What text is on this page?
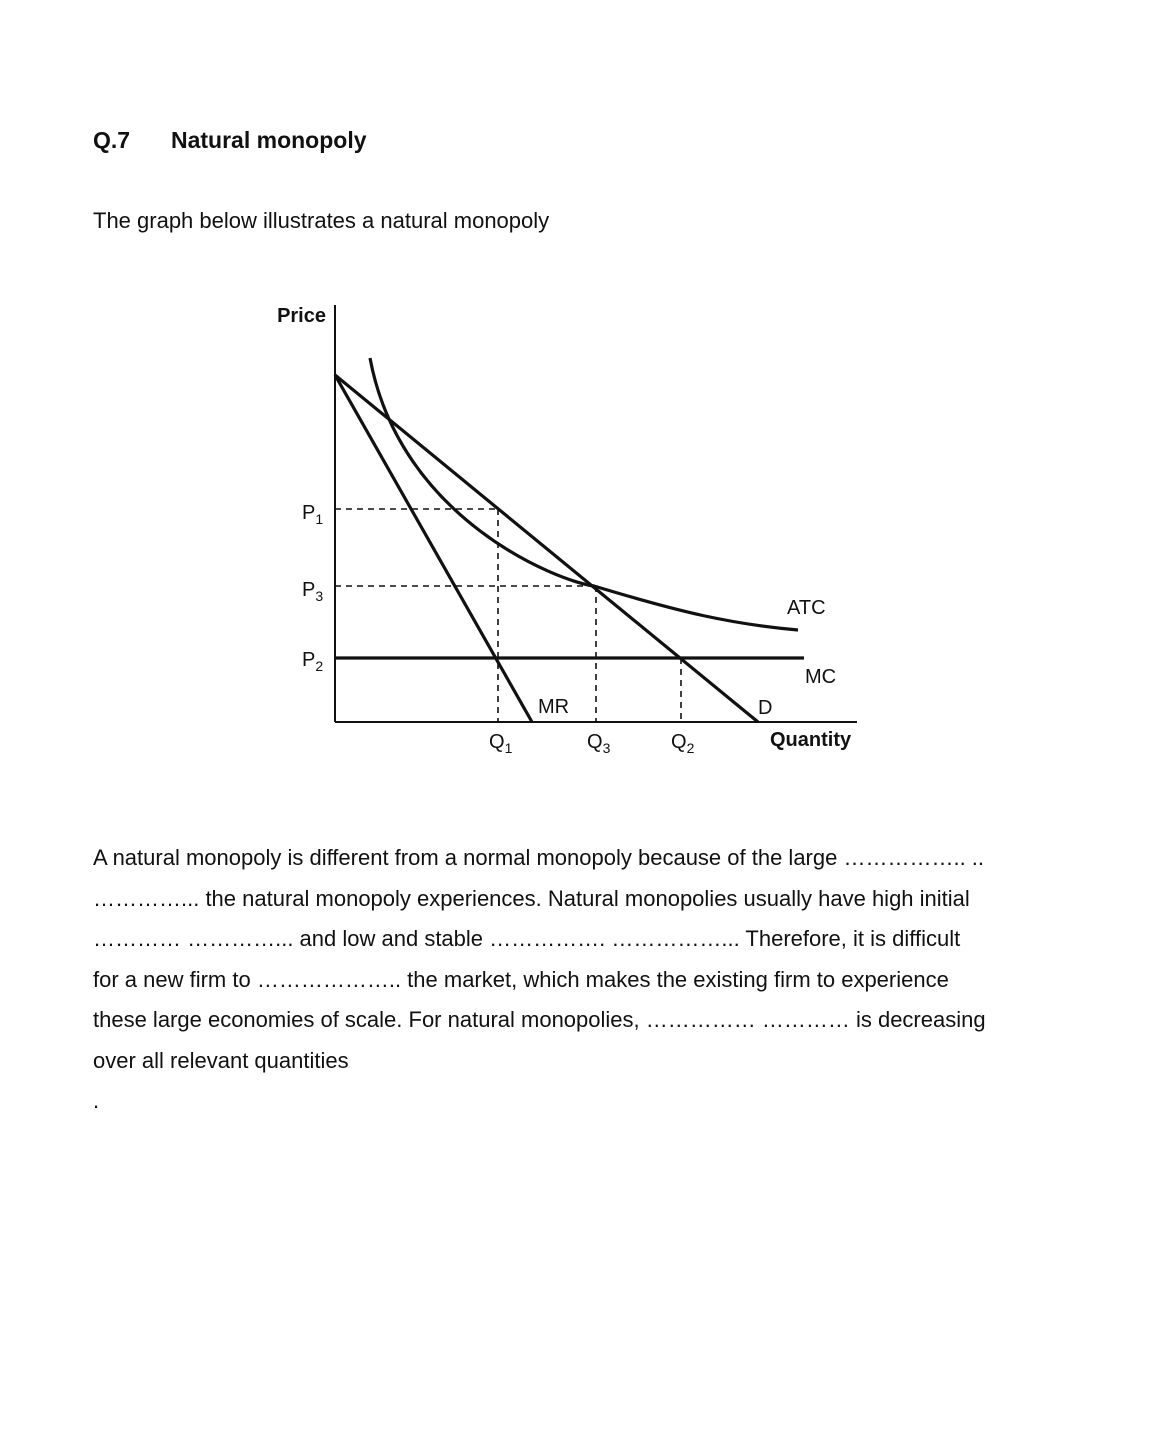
Q.7 Natural monopoly
The graph below illustrates a natural monopoly
Price
Quantity
ATC
MC
MR	D
$P_1$
$P_3$
$P_2$
$Q_1$	$Q_3$	$Q_2$
A natural monopoly is different from a normal monopoly because of the large …………….. ..
…………... the natural monopoly experiences. Natural monopolies usually have high initial
………… …………... and low and stable ……………. ……………... Therefore, it is difficult
for a new firm to ……………….. the market, which makes the existing firm to experience
these large economies of scale. For natural monopolies, …………… ………… is decreasing
over all relevant quantities
.
